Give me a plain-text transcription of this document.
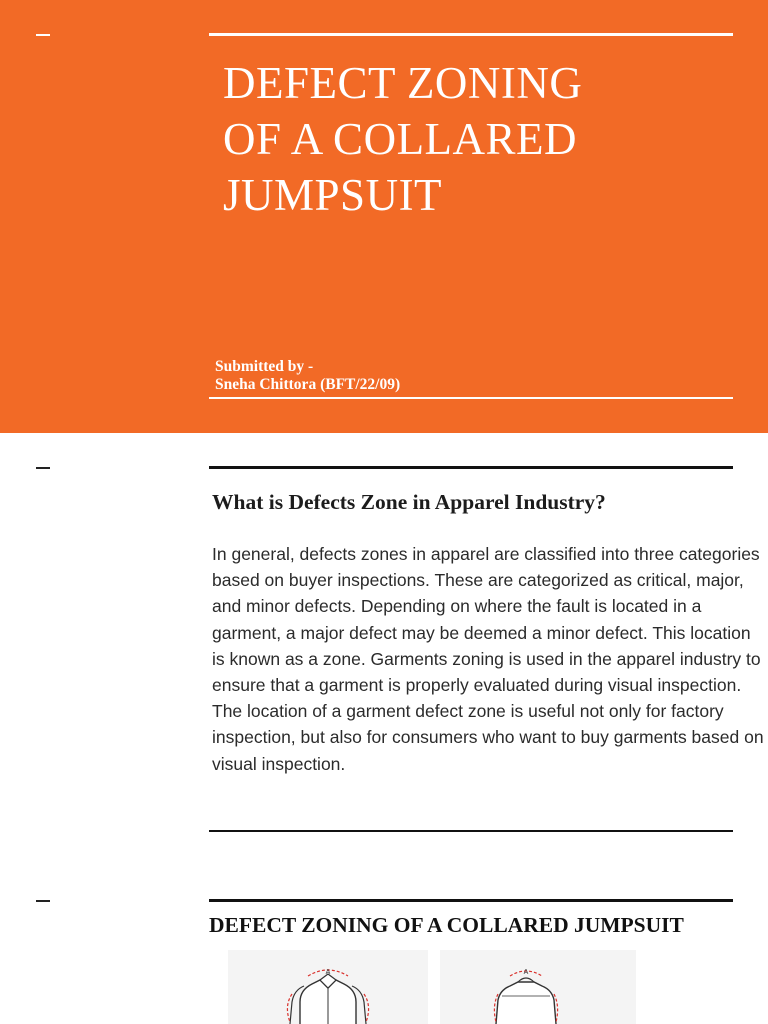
DEFECT ZONING
OF A COLLARED
JUMPSUIT
Submitted by -
Sneha Chittora (BFT/22/09)
What is Defects Zone in Apparel Industry?

In general, defects zones in apparel are classified into three categories based on buyer inspections. These are categorized as critical, major, and minor defects. Depending on where the fault is located in a garment, a major defect may be deemed a minor defect. This location is known as a zone. Garments zoning is used in the apparel industry to ensure that a garment is properly evaluated during visual inspection. The location of a garment defect zone is useful not only for factory inspection, but also for consumers who want to buy garments based on visual inspection.

DEFECT ZONING OF A COLLARED JUMPSUIT
A	A
